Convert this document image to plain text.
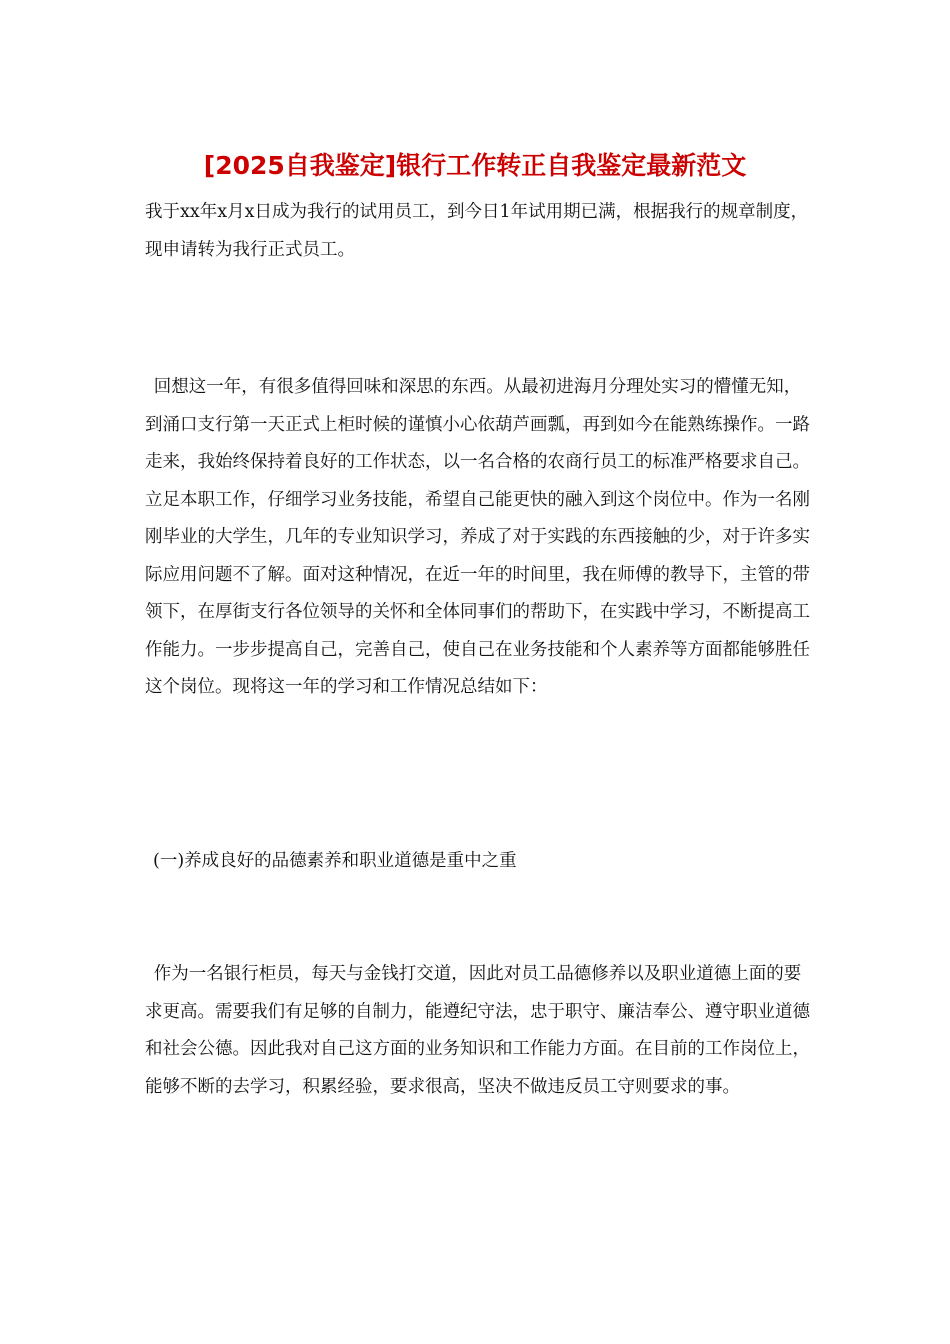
[2025自我鉴定]银行工作转正自我鉴定最新范文

我于xx年x月x日成为我行的试用员工，到今日1年试用期已满，根据我行的规章制度，现申请转为我行正式员工。

回想这一年，有很多值得回味和深思的东西。从最初进海月分理处实习的懵懂无知，到涌口支行第一天正式上柜时候的谨慎小心依葫芦画瓢，再到如今在能熟练操作。一路走来，我始终保持着良好的工作状态，以一名合格的农商行员工的标准严格要求自己。立足本职工作，仔细学习业务技能，希望自己能更快的融入到这个岗位中。作为一名刚刚毕业的大学生，几年的专业知识学习，养成了对于实践的东西接触的少，对于许多实际应用问题不了解。面对这种情况，在近一年的时间里，我在师傅的教导下，主管的带领下，在厚街支行各位领导的关怀和全体同事们的帮助下，在实践中学习，不断提高工作能力。一步步提高自己，完善自己，使自己在业务技能和个人素养等方面都能够胜任这个岗位。现将这一年的学习和工作情况总结如下：

(一)养成良好的品德素养和职业道德是重中之重

作为一名银行柜员，每天与金钱打交道，因此对员工品德修养以及职业道德上面的要求更高。需要我们有足够的自制力，能遵纪守法，忠于职守、廉洁奉公、遵守职业道德和社会公德。因此我对自己这方面的业务知识和工作能力方面。在目前的工作岗位上，能够不断的去学习，积累经验，要求很高，坚决不做违反员工守则要求的事。
